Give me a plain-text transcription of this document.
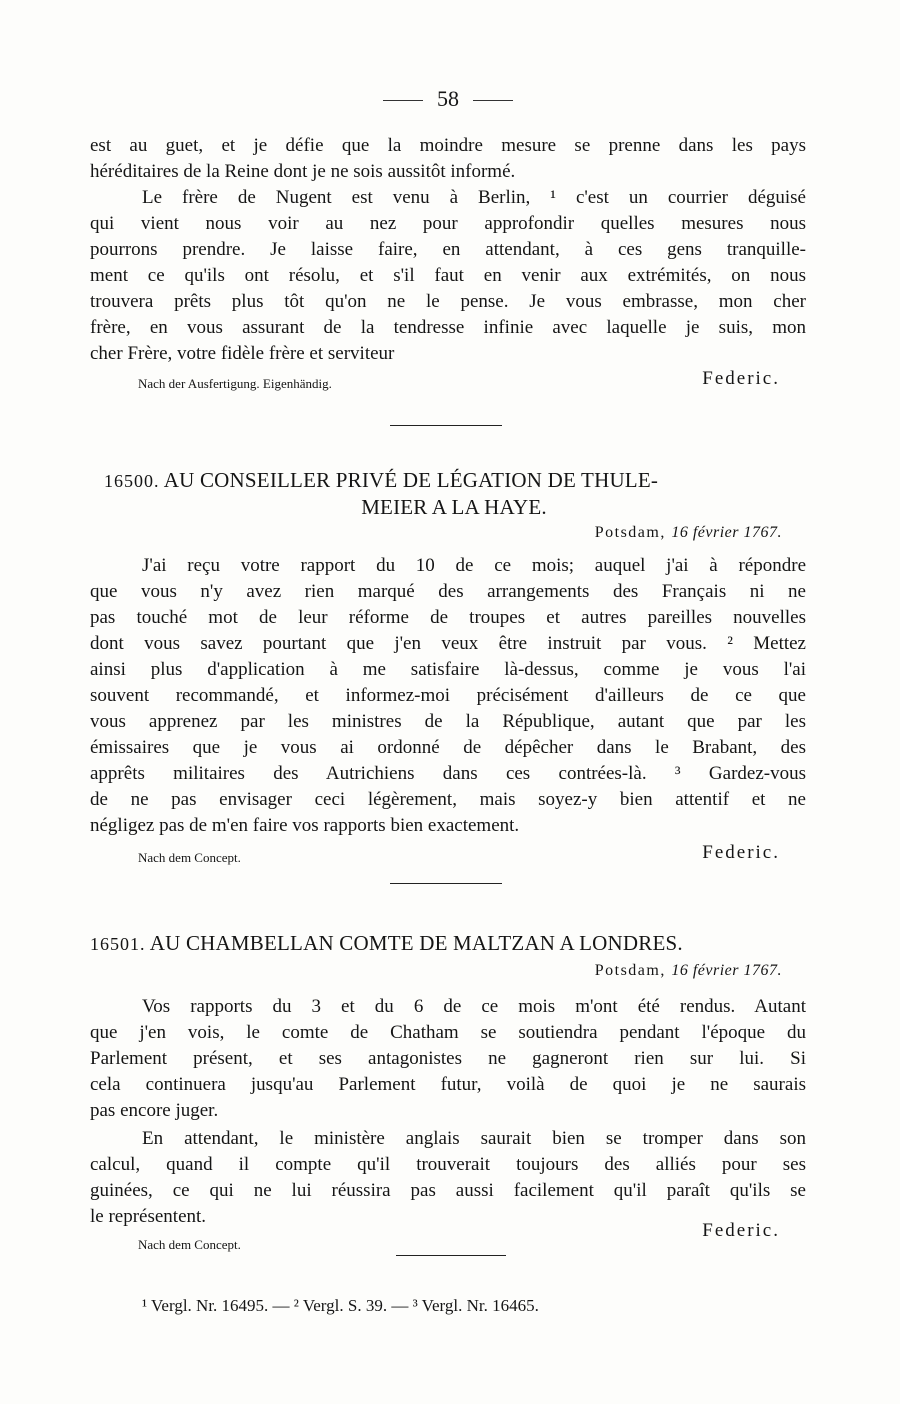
58
est au guet, et je défie que la moindre mesure se prenne dans les pays
héréditaires de la Reine dont je ne sois aussitôt informé.
Le frère de Nugent est venu à Berlin, ¹ c'est un courrier déguisé
qui vient nous voir au nez pour approfondir quelles mesures nous
pourrons prendre. Je laisse faire, en attendant, à ces gens tranquille-
ment ce qu'ils ont résolu, et s'il faut en venir aux extrémités, on nous
trouvera prêts plus tôt qu'on ne le pense. Je vous embrasse, mon cher
frère, en vous assurant de la tendresse infinie avec laquelle je suis, mon
cher Frère, votre fidèle frère et serviteur
Nach der Ausfertigung. Eigenhändig.	Federic.
16500. AU CONSEILLER PRIVÉ DE LÉGATION DE THULE-
MEIER A LA HAYE.
Potsdam, 16 février 1767.
J'ai reçu votre rapport du 10 de ce mois; auquel j'ai à répondre
que vous n'y avez rien marqué des arrangements des Français ni ne
pas touché mot de leur réforme de troupes et autres pareilles nouvelles
dont vous savez pourtant que j'en veux être instruit par vous. ² Mettez
ainsi plus d'application à me satisfaire là-dessus, comme je vous l'ai
souvent recommandé, et informez-moi précisément d'ailleurs de ce que
vous apprenez par les ministres de la République, autant que par les
émissaires que je vous ai ordonné de dépêcher dans le Brabant, des
apprêts militaires des Autrichiens dans ces contrées-là. ³ Gardez-vous
de ne pas envisager ceci légèrement, mais soyez-y bien attentif et ne
négligez pas de m'en faire vos rapports bien exactement.
Nach dem Concept.	Federic.
16501. AU CHAMBELLAN COMTE DE MALTZAN A LONDRES.
Potsdam, 16 février 1767.
Vos rapports du 3 et du 6 de ce mois m'ont été rendus. Autant
que j'en vois, le comte de Chatham se soutiendra pendant l'époque du
Parlement présent, et ses antagonistes ne gagneront rien sur lui. Si
cela continuera jusqu'au Parlement futur, voilà de quoi je ne saurais
pas encore juger.
En attendant, le ministère anglais saurait bien se tromper dans son
calcul, quand il compte qu'il trouverait toujours des alliés pour ses
guinées, ce qui ne lui réussira pas aussi facilement qu'il paraît qu'ils se
le représentent.
Federic.
Nach dem Concept.
¹ Vergl. Nr. 16495. — ² Vergl. S. 39. — ³ Vergl. Nr. 16465.
